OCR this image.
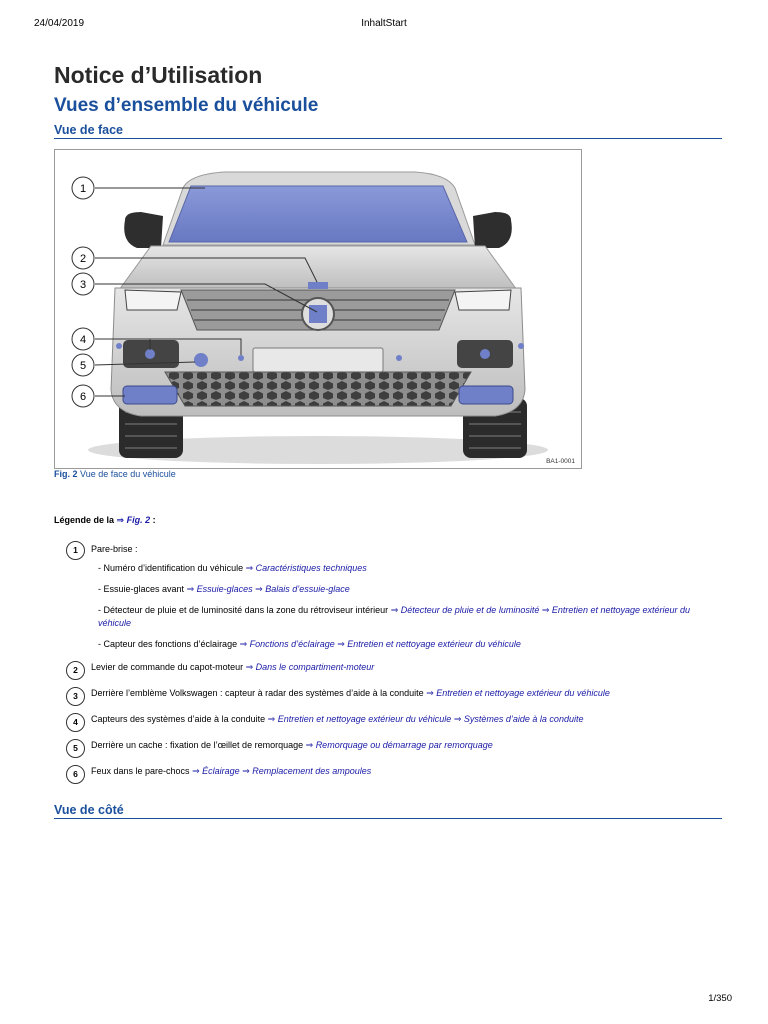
24/04/2019	InhaltStart
Notice d’Utilisation
Vues d’ensemble du véhicule
Vue de face
1
2
3
4
5
6
BA1-0001
Fig. 2 Vue de face du véhicule
Légende de la ⇒ Fig. 2 :
1	Pare-brise :
- Numéro d’identification du véhicule ⇒ Caractéristiques techniques
- Essuie-glaces avant ⇒ Essuie-glaces ⇒ Balais d’essuie-glace
- Détecteur de pluie et de luminosité dans la zone du rétroviseur intérieur ⇒ Détecteur de pluie et de luminosité ⇒ Entretien et nettoyage extérieur du véhicule
- Capteur des fonctions d’éclairage ⇒ Fonctions d’éclairage ⇒ Entretien et nettoyage extérieur du véhicule
2	Levier de commande du capot-moteur ⇒ Dans le compartiment-moteur
3	Derrière l’emblème Volkswagen : capteur à radar des systèmes d’aide à la conduite ⇒ Entretien et nettoyage extérieur du véhicule
4	Capteurs des systèmes d’aide à la conduite ⇒ Entretien et nettoyage extérieur du véhicule ⇒ Systèmes d’aide à la conduite
5	Derrière un cache : fixation de l’œillet de remorquage ⇒ Remorquage ou démarrage par remorquage
6	Feux dans le pare-chocs ⇒ Éclairage ⇒ Remplacement des ampoules
Vue de côté
1/350
